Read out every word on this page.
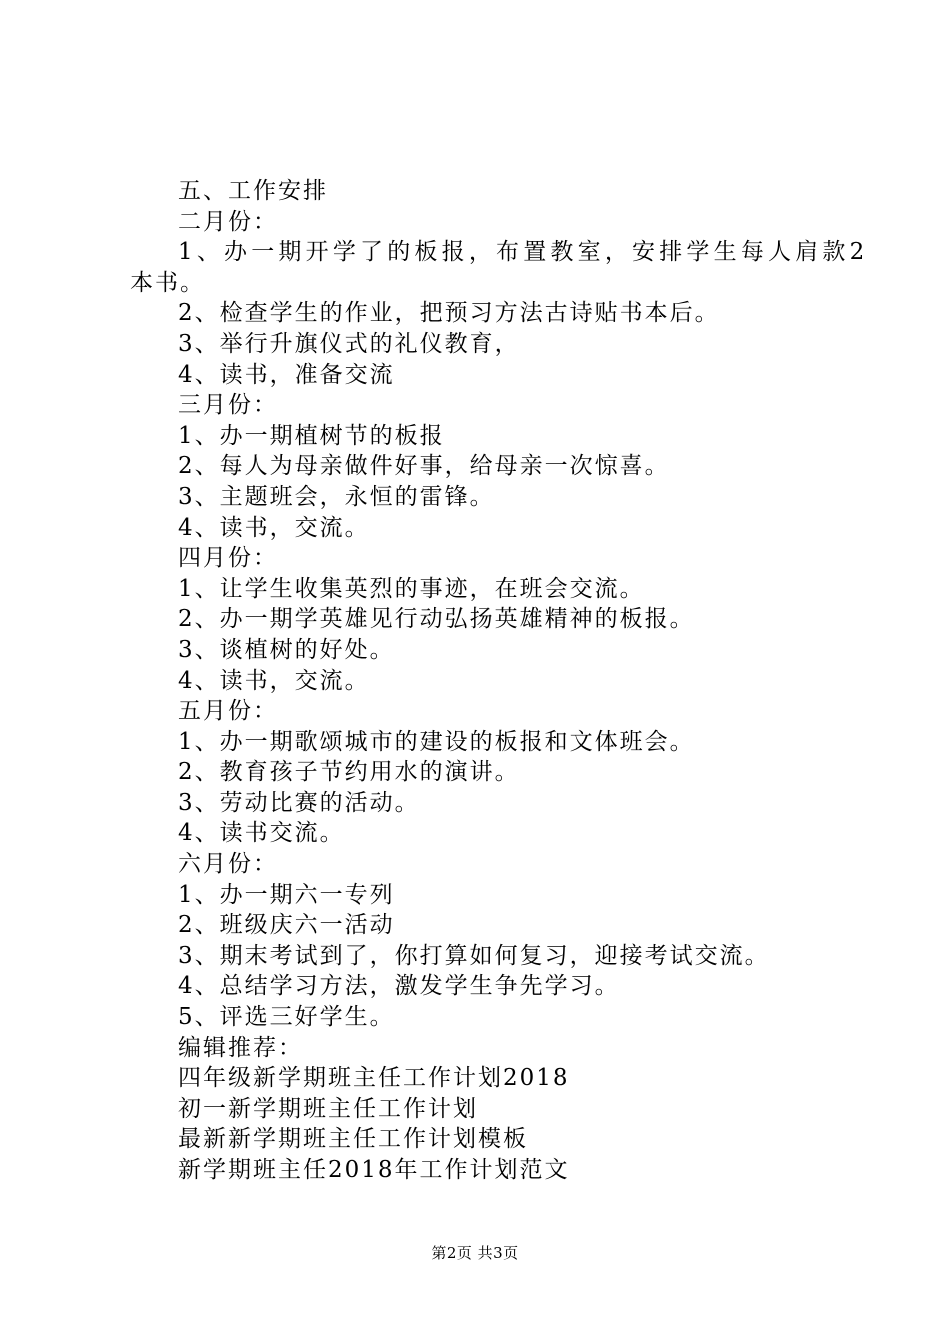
五、工作安排
二月份：
1、办一期开学了的板报，布置教室，安排学生每人肩款2
本书。
2、检查学生的作业，把预习方法古诗贴书本后。
3、举行升旗仪式的礼仪教育，
4、读书，准备交流
三月份：
1、办一期植树节的板报
2、每人为母亲做件好事，给母亲一次惊喜。
3、主题班会，永恒的雷锋。
4、读书，交流。
四月份：
1、让学生收集英烈的事迹，在班会交流。
2、办一期学英雄见行动弘扬英雄精神的板报。
3、谈植树的好处。
4、读书，交流。
五月份：
1、办一期歌颂城市的建设的板报和文体班会。
2、教育孩子节约用水的演讲。
3、劳动比赛的活动。
4、读书交流。
六月份：
1、办一期六一专列
2、班级庆六一活动
3、期末考试到了，你打算如何复习，迎接考试交流。
4、总结学习方法，激发学生争先学习。
5、评选三好学生。
编辑推荐：
四年级新学期班主任工作计划2018
初一新学期班主任工作计划
最新新学期班主任工作计划模板
新学期班主任2018年工作计划范文
第2页 共3页
